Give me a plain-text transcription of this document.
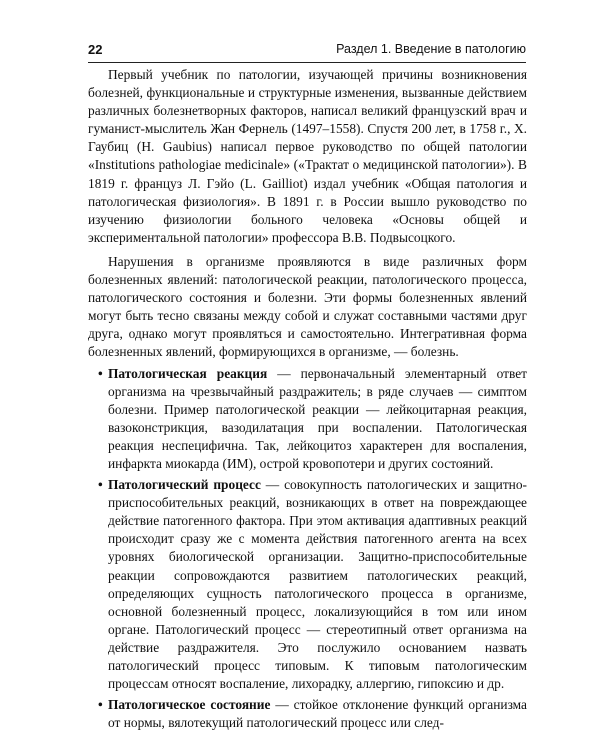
22	Раздел 1. Введение в патологию

Первый учебник по патологии, изучающей причины возникновения болезней, функциональные и структурные изменения, вызванные действием различных болезнетворных факторов, написал великий французский врач и гуманист-мыслитель Жан Фернель (1497–1558). Спустя 200 лет, в 1758 г., Х. Гаубиц (H. Gaubius) написал первое руководство по общей патологии «Institutions pathologiae medicinale» («Трактат о медицинской патологии»). В 1819 г. француз Л. Гэйо (L. Gailliot) издал учебник «Общая патология и патологическая физиология». В 1891 г. в России вышло руководство по изучению физиологии больного человека «Основы общей и экспериментальной патологии» профессора В.В. Подвысоцкого.

Нарушения в организме проявляются в виде различных форм болезненных явлений: патологической реакции, патологического процесса, патологического состояния и болезни. Эти формы болезненных явлений могут быть тесно связаны между собой и служат составными частями друг друга, однако могут проявляться и самостоятельно. Интегративная форма болезненных явлений, формирующихся в организме, — болезнь.

• Патологическая реакция — первоначальный элементарный ответ организма на чрезвычайный раздражитель; в ряде случаев — симптом болезни. Пример патологической реакции — лейкоцитарная реакция, вазоконстрикция, вазодилатация при воспалении. Патологическая реакция неспецифична. Так, лейкоцитоз характерен для воспаления, инфаркта миокарда (ИМ), острой кровопотери и других состояний.
• Патологический процесс — совокупность патологических и защитно-приспособительных реакций, возникающих в ответ на повреждающее действие патогенного фактора. При этом активация адаптивных реакций происходит сразу же с момента действия патогенного агента на всех уровнях биологической организации. Защитно-приспособительные реакции сопровождаются развитием патологических реакций, определяющих сущность патологического процесса в организме, основной болезненный процесс, локализующийся в том или ином органе. Патологический процесс — стереотипный ответ организма на действие раздражителя. Это послужило основанием назвать патологический процесс типовым. К типовым патологическим процессам относят воспаление, лихорадку, аллергию, гипоксию и др.
• Патологическое состояние — стойкое отклонение функций организма от нормы, вялотекущий патологический процесс или след-
